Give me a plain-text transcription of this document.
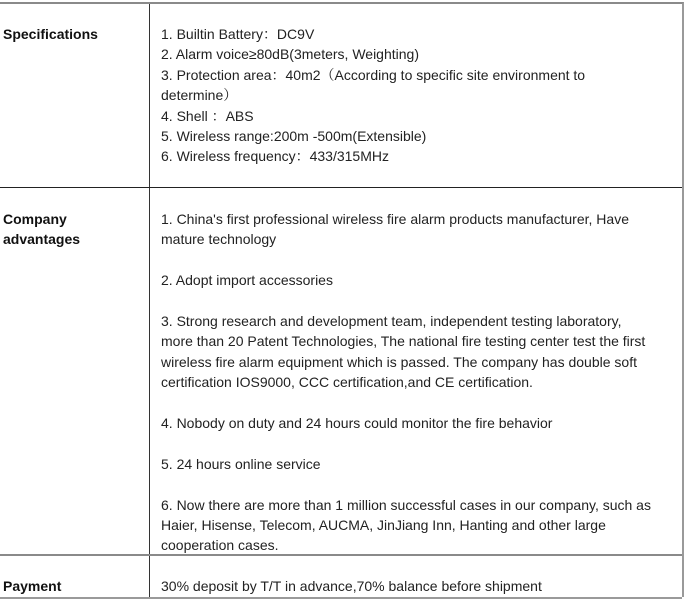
Specifications	1. Builtin Battery：DC9V

2. Alarm voice≥80dB(3meters, Weighting)

3. Protection area：40m2（According to specific site environment to

determine）

4. Shell ：ABS

5. Wireless range:200m -500m(Extensible)

6. Wireless frequency：433/315MHz

Company
advantages

1. China's first professional wireless fire alarm products manufacturer, Have

mature technology

2. Adopt import accessories

3. Strong research and development team, independent testing laboratory,

more than 20 Patent Technologies, The national fire testing center test the first

wireless fire alarm equipment which is passed. The company has double soft

certification IOS9000, CCC certification,and CE certification.

4. Nobody on duty and 24 hours could monitor the fire behavior

5. 24 hours online service

6. Now there are more than 1 million successful cases in our company, such as

Haier, Hisense, Telecom, AUCMA, JinJiang Inn, Hanting and other large

cooperation cases.

Payment	30% deposit by T/T in advance,70% balance before shipment
